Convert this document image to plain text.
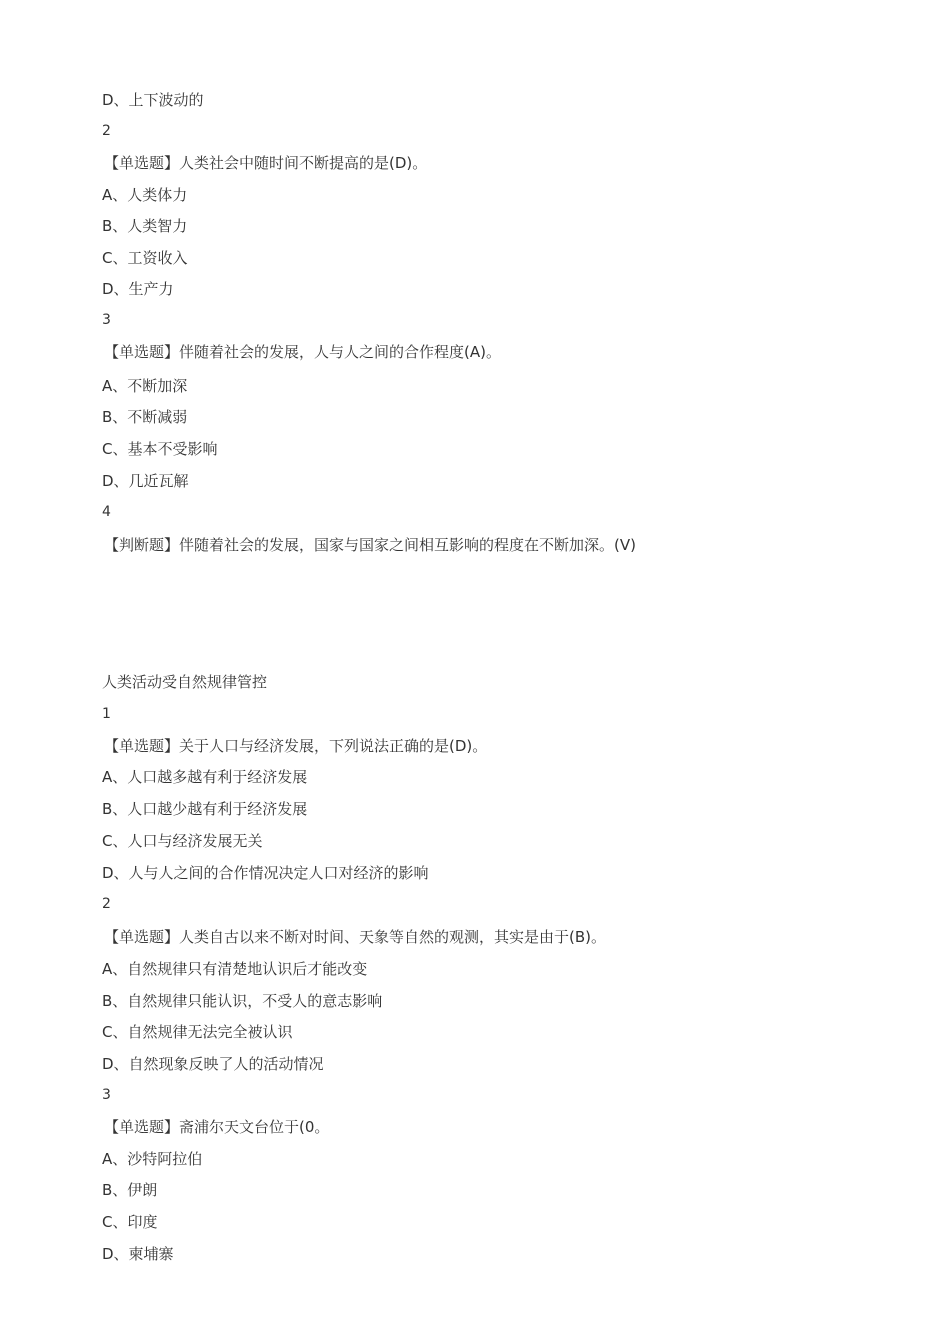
D、上下波动的
2
【单选题】人类社会中随时间不断提高的是(D)。
A、人类体力
B、人类智力
C、工资收入
D、生产力
3
【单选题】伴随着社会的发展，人与人之间的合作程度(A)。
A、不断加深
B、不断减弱
C、基本不受影响
D、几近瓦解
4
【判断题】伴随着社会的发展，国家与国家之间相互影响的程度在不断加深。(V)
人类活动受自然规律管控
1
【单选题】关于人口与经济发展，下列说法正确的是(D)。
A、人口越多越有利于经济发展
B、人口越少越有利于经济发展
C、人口与经济发展无关
D、人与人之间的合作情况决定人口对经济的影响
2
【单选题】人类自古以来不断对时间、天象等自然的观测，其实是由于(B)。
A、自然规律只有清楚地认识后才能改变
B、自然规律只能认识，不受人的意志影响
C、自然规律无法完全被认识
D、自然现象反映了人的活动情况
3
【单选题】斋浦尔天文台位于(0。
A、沙特阿拉伯
B、伊朗
C、印度
D、柬埔寨
